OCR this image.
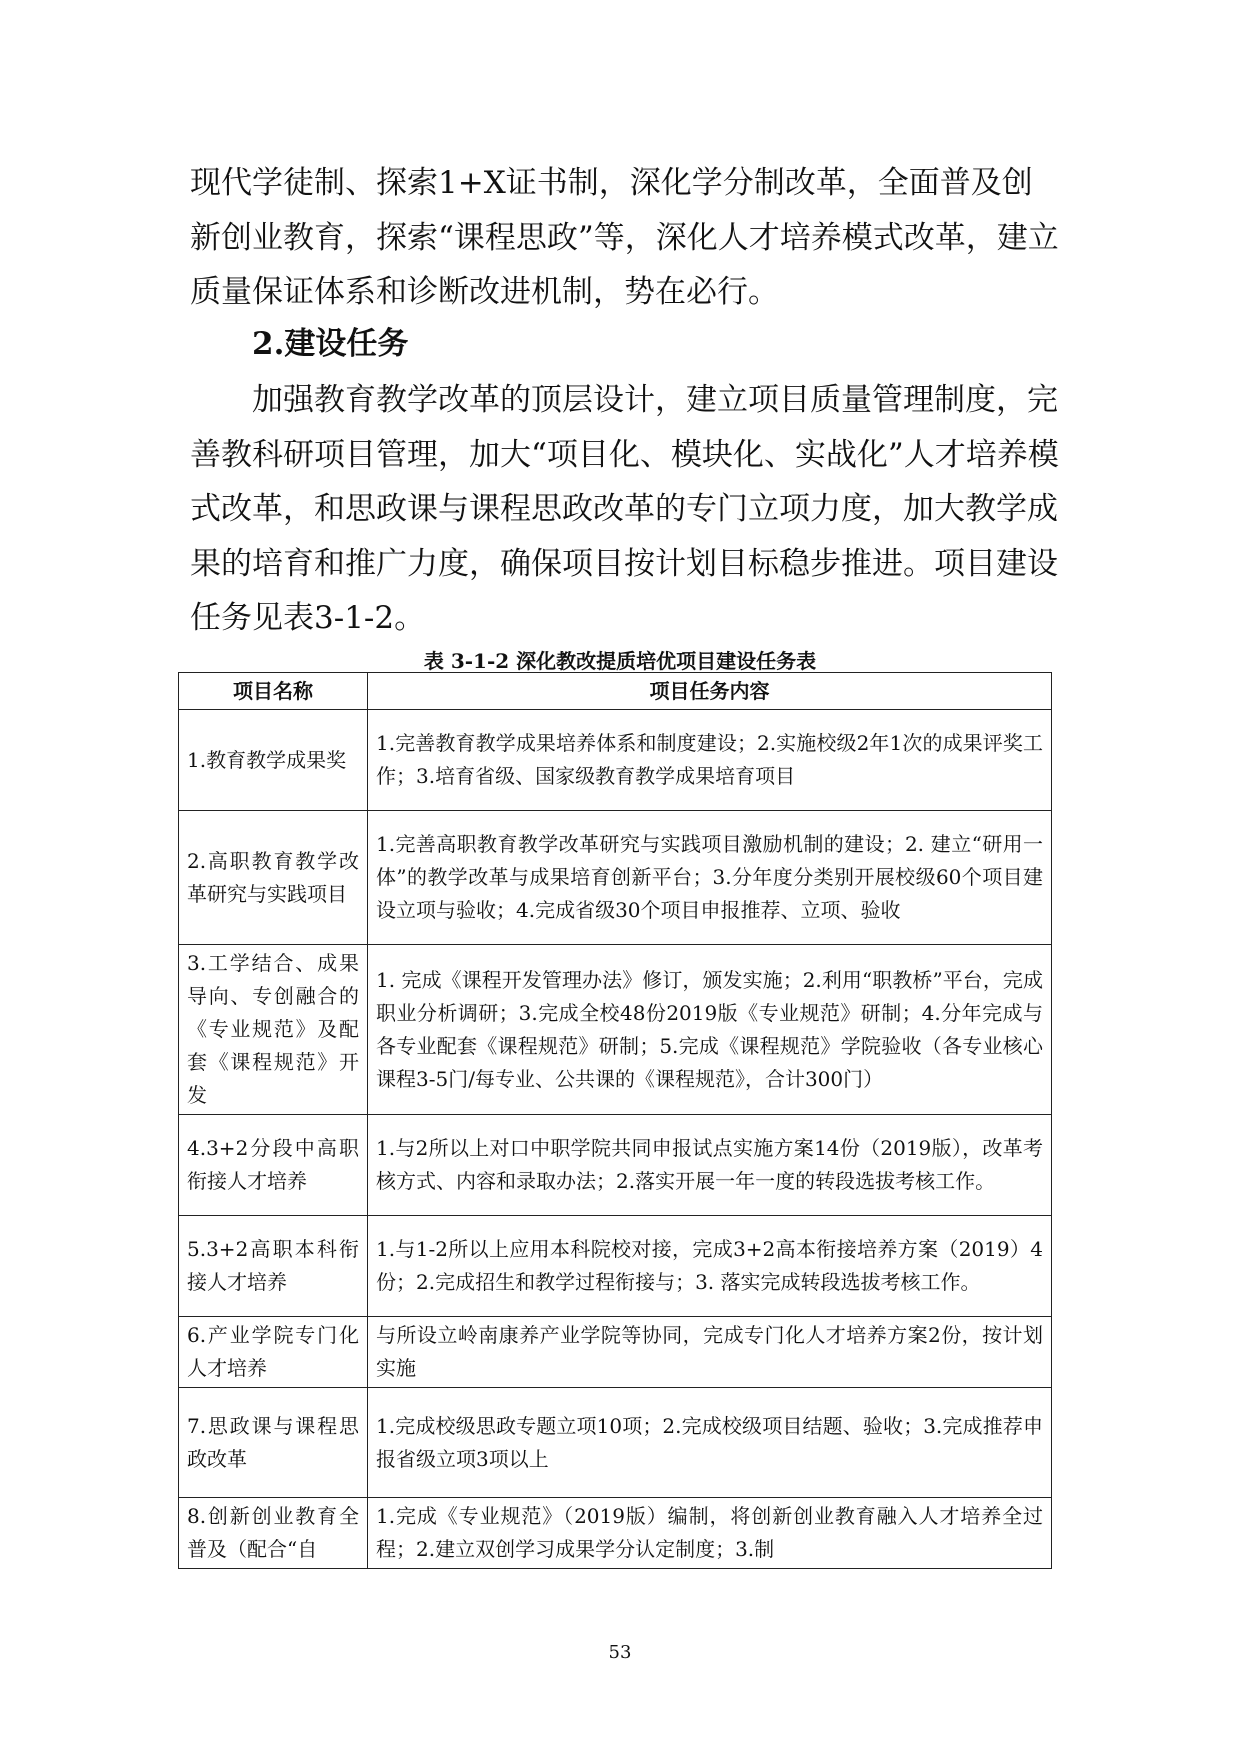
现代学徒制、探索1+X证书制，深化学分制改革，全面普及创新创业教育，探索“课程思政”等，深化人才培养模式改革，建立质量保证体系和诊断改进机制，势在必行。

2.建设任务

加强教育教学改革的顶层设计，建立项目质量管理制度，完善教科研项目管理，加大“项目化、模块化、实战化”人才培养模式改革，和思政课与课程思政改革的专门立项力度，加大教学成果的培育和推广力度，确保项目按计划目标稳步推进。项目建设任务见表3-1-2。

表 3-1-2 深化教改提质培优项目建设任务表

项目名称	项目任务内容
1.教育教学成果奖	1.完善教育教学成果培养体系和制度建设；2.实施校级2年1次的成果评奖工作；3.培育省级、国家级教育教学成果培育项目
2.高职教育教学改革研究与实践项目	1.完善高职教育教学改革研究与实践项目激励机制的建设；2. 建立“研用一体”的教学改革与成果培育创新平台；3.分年度分类别开展校级60个项目建设立项与验收；4.完成省级30个项目申报推荐、立项、验收
3.工学结合、成果导向、专创融合的《专业规范》及配套《课程规范》开发	1. 完成《课程开发管理办法》修订，颁发实施；2.利用“职教桥”平台，完成职业分析调研；3.完成全校48份2019版《专业规范》研制；4.分年完成与各专业配套《课程规范》研制；5.完成《课程规范》学院验收（各专业核心课程3-5门/每专业、公共课的《课程规范》，合计300门）
4.3+2分段中高职衔接人才培养	1.与2所以上对口中职学院共同申报试点实施方案14份（2019版），改革考核方式、内容和录取办法；2.落实开展一年一度的转段选拔考核工作。
5.3+2高职本科衔接人才培养	1.与1-2所以上应用本科院校对接，完成3+2高本衔接培养方案（2019）4份；2.完成招生和教学过程衔接与；3. 落实完成转段选拔考核工作。
6.产业学院专门化人才培养	与所设立岭南康养产业学院等协同，完成专门化人才培养方案2份，按计划实施
7.思政课与课程思政改革	1.完成校级思政专题立项10项；2.完成校级项目结题、验收；3.完成推荐申报省级立项3项以上
8.创新创业教育全普及（配合“自	1.完成《专业规范》（2019版）编制，将创新创业教育融入人才培养全过程；2.建立双创学习成果学分认定制度；3.制

53
